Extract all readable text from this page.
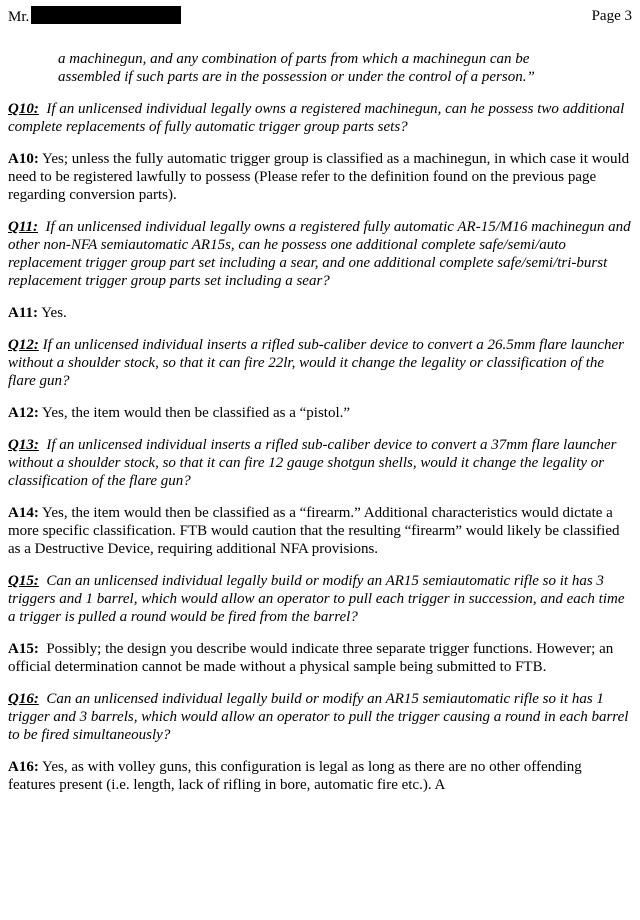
Mr.	Page 3

a machinegun, and any combination of parts from which a machinegun can be assembled if such parts are in the possession or under the control of a person.”

Q10: If an unlicensed individual legally owns a registered machinegun, can he possess two additional complete replacements of fully automatic trigger group parts sets?

A10: Yes; unless the fully automatic trigger group is classified as a machinegun, in which case it would need to be registered lawfully to possess (Please refer to the definition found on the previous page regarding conversion parts).

Q11: If an unlicensed individual legally owns a registered fully automatic AR-15/M16 machinegun and other non-NFA semiautomatic AR15s, can he possess one additional complete safe/semi/auto replacement trigger group part set including a sear, and one additional complete safe/semi/tri-burst replacement trigger group parts set including a sear?

A11: Yes.

Q12: If an unlicensed individual inserts a rifled sub-caliber device to convert a 26.5mm flare launcher without a shoulder stock, so that it can fire 22lr, would it change the legality or classification of the flare gun?

A12: Yes, the item would then be classified as a “pistol.”

Q13: If an unlicensed individual inserts a rifled sub-caliber device to convert a 37mm flare launcher without a shoulder stock, so that it can fire 12 gauge shotgun shells, would it change the legality or classification of the flare gun?

A14: Yes, the item would then be classified as a “firearm.” Additional characteristics would dictate a more specific classification. FTB would caution that the resulting “firearm” would likely be classified as a Destructive Device, requiring additional NFA provisions.

Q15: Can an unlicensed individual legally build or modify an AR15 semiautomatic rifle so it has 3 triggers and 1 barrel, which would allow an operator to pull each trigger in succession, and each time a trigger is pulled a round would be fired from the barrel?

A15: Possibly; the design you describe would indicate three separate trigger functions. However; an official determination cannot be made without a physical sample being submitted to FTB.

Q16: Can an unlicensed individual legally build or modify an AR15 semiautomatic rifle so it has 1 trigger and 3 barrels, which would allow an operator to pull the trigger causing a round in each barrel to be fired simultaneously?

A16: Yes, as with volley guns, this configuration is legal as long as there are no other offending features present (i.e. length, lack of rifling in bore, automatic fire etc.). A
